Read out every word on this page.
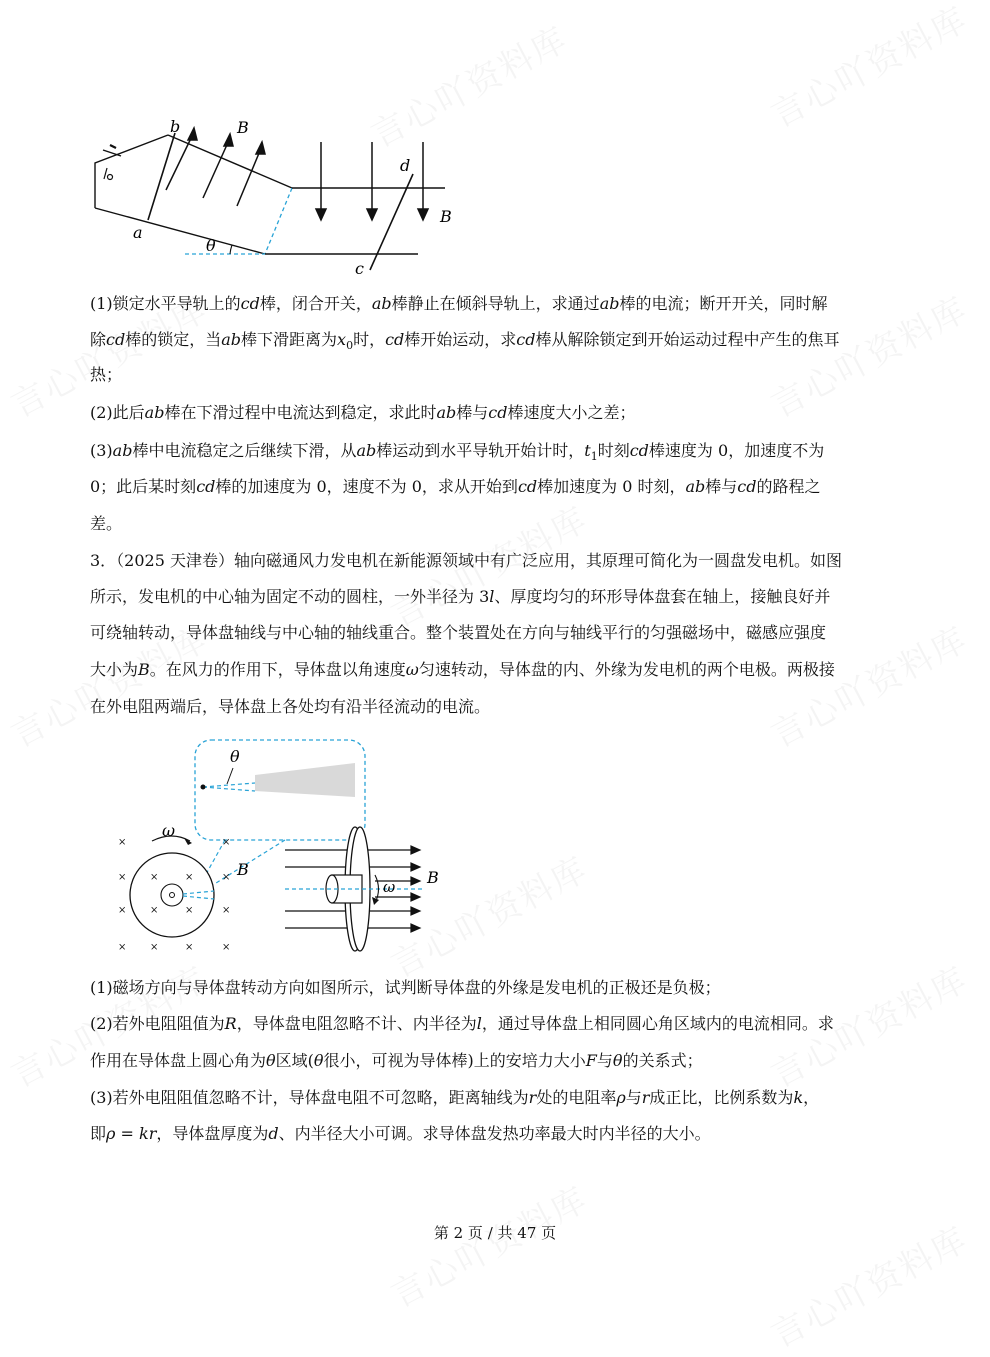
a
b	B
θ
c
d
B
(1)锁定水平导轨上的cd棒，闭合开关，ab棒静止在倾斜导轨上，求通过ab棒的电流；断开开关，同时解
除cd棒的锁定，当ab棒下滑距离为$x_0$时，cd棒开始运动，求cd棒从解除锁定到开始运动过程中产生的焦耳
热；
(2)此后ab棒在下滑过程中电流达到稳定，求此时ab棒与cd棒速度大小之差；
(3)ab棒中电流稳定之后继续下滑，从ab棒运动到水平导轨开始计时，$t_1$时刻cd棒速度为 0，加速度不为
0；此后某时刻cd棒的加速度为 0，速度不为 0，求从开始到cd棒加速度为 0 时刻，ab棒与cd的路程之
差。
3．（2025 天津卷）轴向磁通风力发电机在新能源领域中有广泛应用，其原理可简化为一圆盘发电机。如图
所示，发电机的中心轴为固定不动的圆柱，一外半径为 3l、厚度均匀的环形导体盘套在轴上，接触良好并
可绕轴转动，导体盘轴线与中心轴的轴线重合。整个装置处在方向与轴线平行的匀强磁场中，磁感应强度
大小为B。在风力的作用下，导体盘以角速度ω匀速转动，导体盘的内、外缘为发电机的两个电极。两极接
在外电阻两端后，导体盘上各处均有沿半径流动的电流。
θ
×	×
× ×	×	×
× ×	×	×
× ×	×	×
ω
B
ω B
(1)磁场方向与导体盘转动方向如图所示，试判断导体盘的外缘是发电机的正极还是负极；
(2)若外电阻阻值为R，导体盘电阻忽略不计、内半径为l，通过导体盘上相同圆心角区域内的电流相同。求
作用在导体盘上圆心角为θ区域(θ很小，可视为导体棒)上的安培力大小F与θ的关系式；
(3)若外电阻阻值忽略不计，导体盘电阻不可忽略，距离轴线为r处的电阻率ρ与r成正比，比例系数为k，
即ρ = kr，导体盘厚度为d、内半径大小可调。求导体盘发热功率最大时内半径的大小。
第 2 页 / 共 47 页
